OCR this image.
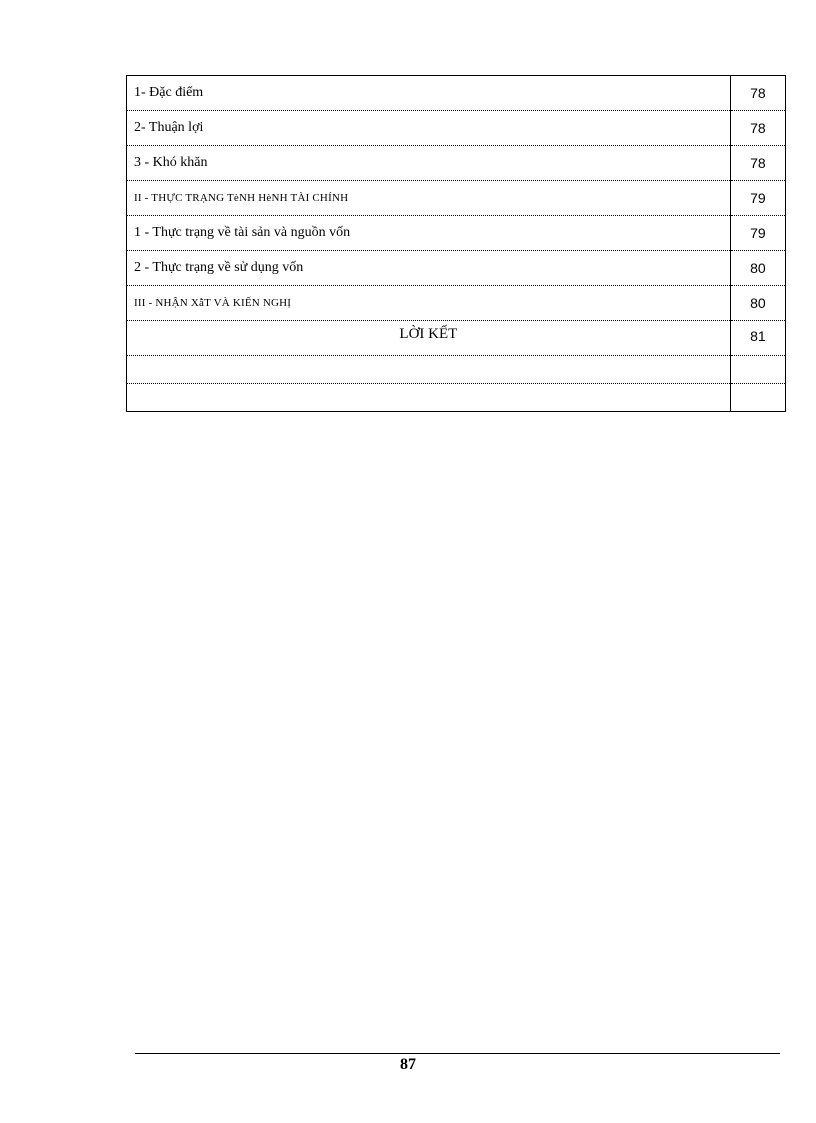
1- Đặc điểm	78
2- Thuận lợi	78
3 - Khó khăn	78
II - THỰC TRẠNG TèNH HèNH TÀI CHÍNH	79
1 - Thực trạng về tài sản và nguồn vốn	79
2 - Thực trạng về sử dụng vốn	80
III - NHẬN XẫT VÀ KIẾN NGHỊ	80
LỜI KẾT	81

87
